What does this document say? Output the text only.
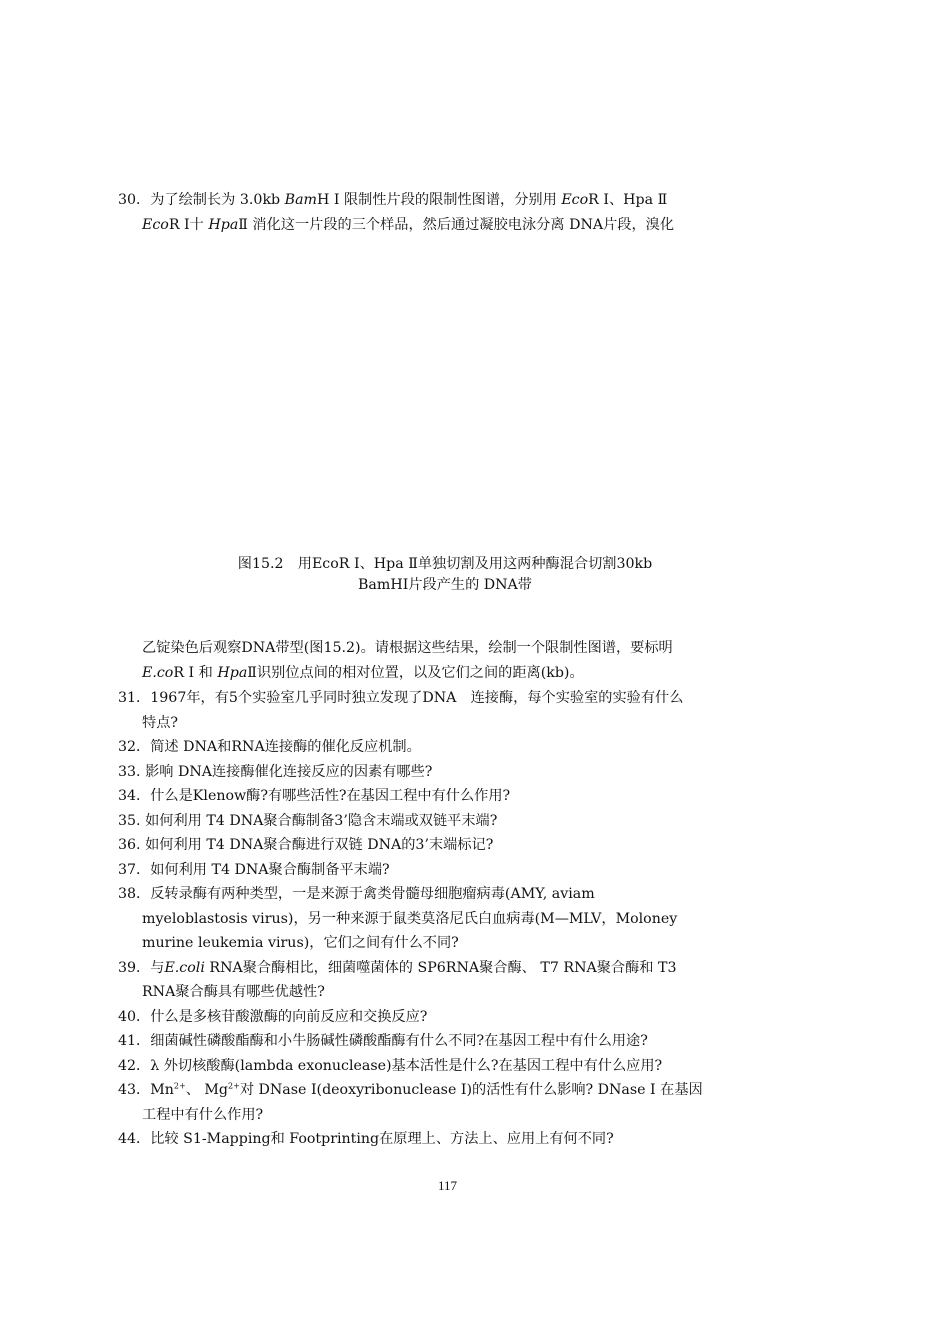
30．为了绘制长为 3.0kb BamH Ⅰ 限制性片段的限制性图谱，分别用 EcoR Ⅰ、Hpa Ⅱ
EcoR Ⅰ十 HpaⅡ 消化这一片段的三个样品，然后通过凝胶电泳分离 DNA片段，溴化
图15.2　用EcoR Ⅰ、Hpa Ⅱ单独切割及用这两种酶混合切割30kb
BamHⅠ片段产生的 DNA带
乙锭染色后观察DNA带型(图15.2)。请根据这些结果，绘制一个限制性图谱，要标明
E.coR Ⅰ 和 HpaⅡ识别位点间的相对位置，以及它们之间的距离(kb)。
31．1967年，有5个实验室几乎同时独立发现了DNA　连接酶，每个实验室的实验有什么
特点?
32．简述 DNA和RNA连接酶的催化反应机制。
33. 影响 DNA连接酶催化连接反应的因素有哪些?
34．什么是Klenow酶?有哪些活性?在基因工程中有什么作用?
35. 如何利用 T4 DNA聚合酶制备3’隐含末端或双链平末端?
36. 如何利用 T4 DNA聚合酶进行双链 DNA的3’末端标记?
37．如何利用 T4 DNA聚合酶制备平末端?
38．反转录酶有两种类型，一是来源于禽类骨髓母细胞瘤病毒(AMY, aviam
myeloblastosis virus)，另一种来源于鼠类莫洛尼氏白血病毒(M—MLV，Moloney
murine leukemia virus)，它们之间有什么不同?
39．与E.coli RNA聚合酶相比，细菌噬菌体的 SP6RNA聚合酶、 T7 RNA聚合酶和 T3
RNA聚合酶具有哪些优越性?
40．什么是多核苷酸激酶的向前反应和交换反应?
41．细菌碱性磷酸酯酶和小牛肠碱性磷酸酯酶有什么不同?在基因工程中有什么用途?
42．λ 外切核酸酶(lambda exonuclease)基本活性是什么?在基因工程中有什么应用?
43．$Mn^{2+}$、 $Mg^{2+}$对 DNase Ⅰ(deoxyribonuclease Ⅰ)的活性有什么影响? DNase Ⅰ 在基因
工程中有什么作用?
44．比较 S1-Mapping和 Footprinting在原理上、方法上、应用上有何不同?
117
